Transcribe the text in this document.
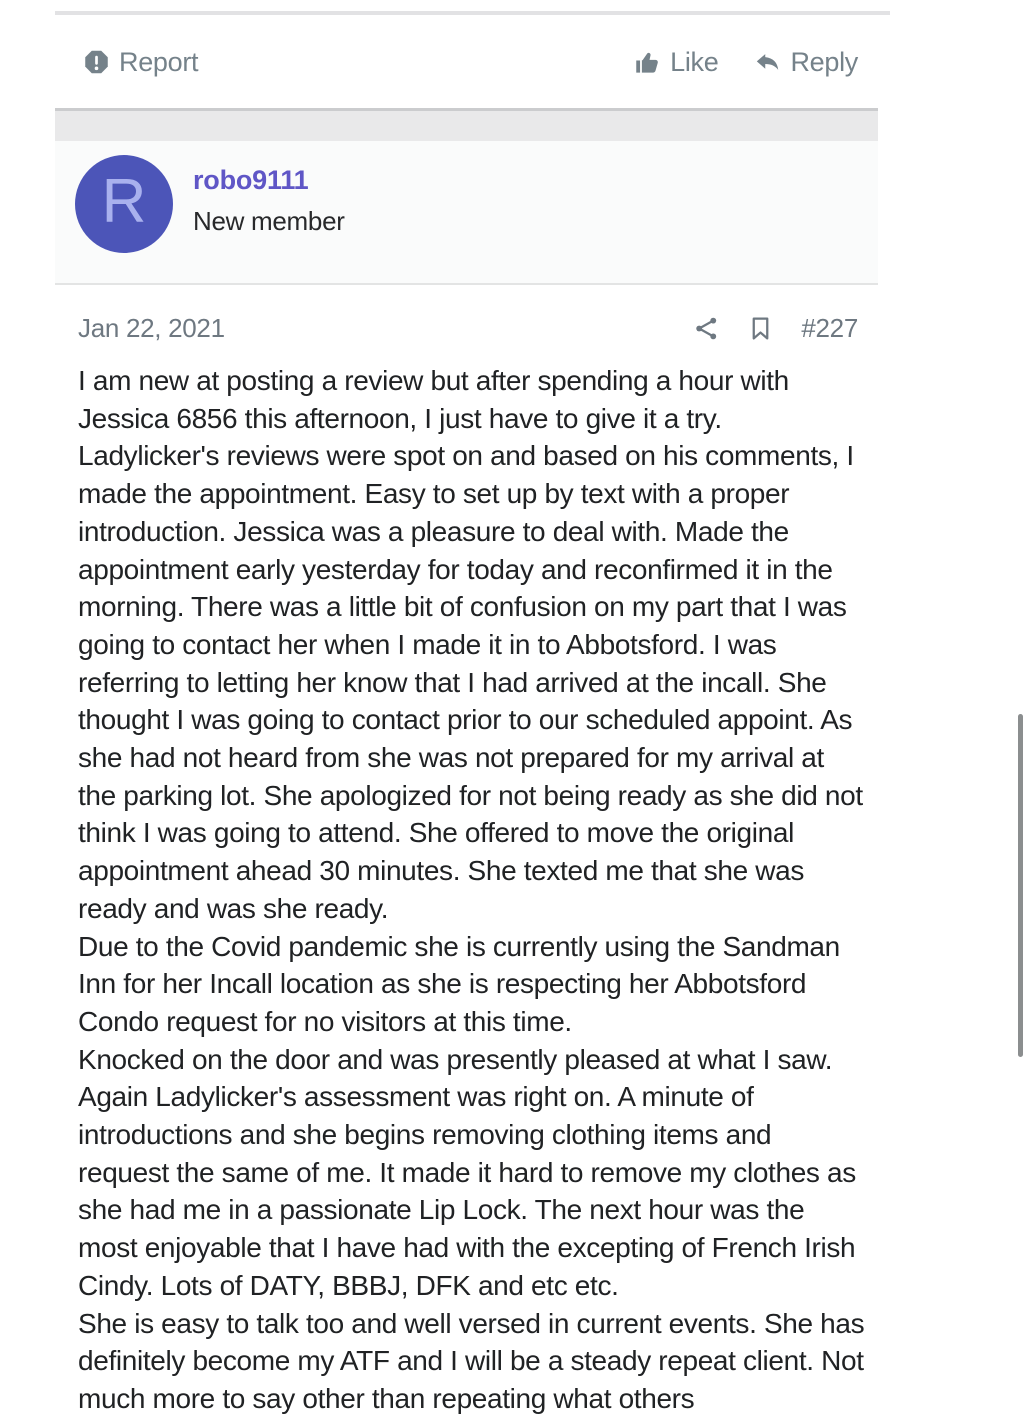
Report	Like	Reply
R robo9111
New member
Jan 22, 2021	#227

I am new at posting a review but after spending a hour with Jessica 6856 this afternoon, I just have to give it a try. Ladylicker's reviews were spot on and based on his comments, I made the appointment. Easy to set up by text with a proper introduction. Jessica was a pleasure to deal with. Made the appointment early yesterday for today and reconfirmed it in the morning. There was a little bit of confusion on my part that I was going to contact her when I made it in to Abbotsford. I was referring to letting her know that I had arrived at the incall. She thought I was going to contact prior to our scheduled appoint. As she had not heard from she was not prepared for my arrival at the parking lot. She apologized for not being ready as she did not think I was going to attend. She offered to move the original appointment ahead 30 minutes. She texted me that she was ready and was she ready.

Due to the Covid pandemic she is currently using the Sandman Inn for her Incall location as she is respecting her Abbotsford Condo request for no visitors at this time.

Knocked on the door and was presently pleased at what I saw. Again Ladylicker's assessment was right on. A minute of introductions and she begins removing clothing items and request the same of me. It made it hard to remove my clothes as she had me in a passionate Lip Lock. The next hour was the most enjoyable that I have had with the excepting of French Irish Cindy. Lots of DATY, BBBJ, DFK and etc etc.

She is easy to talk too and well versed in current events. She has definitely become my ATF and I will be a steady repeat client. Not much more to say other than repeating what others
